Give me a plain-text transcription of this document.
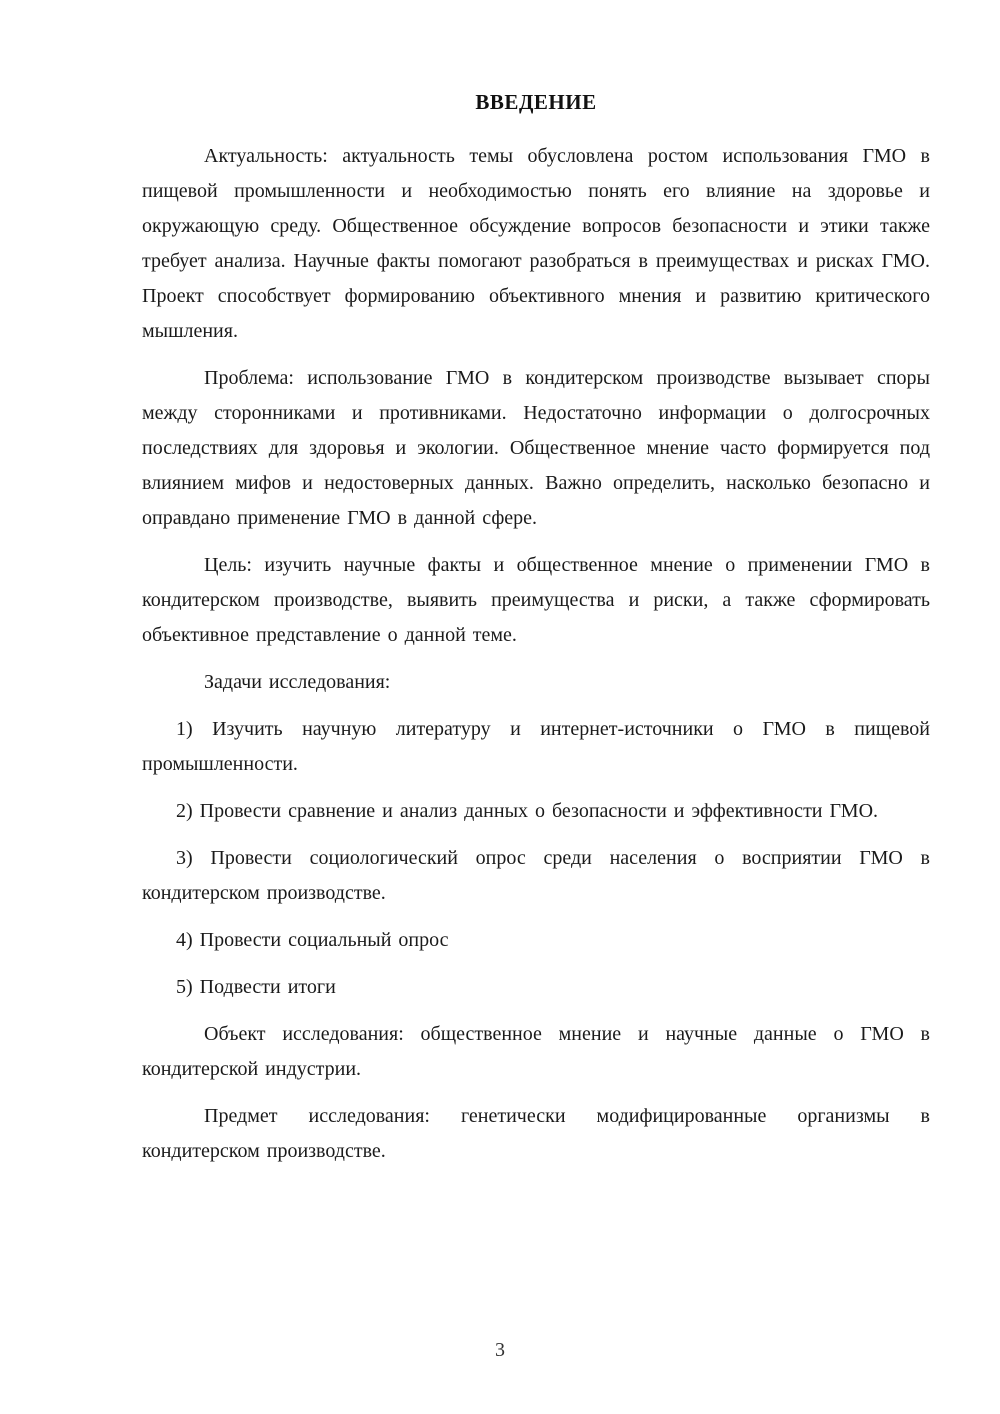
ВВЕДЕНИЕ

Актуальность: актуальность темы обусловлена ростом использования ГМО в пищевой промышленности и необходимостью понять его влияние на здоровье и окружающую среду. Общественное обсуждение вопросов безопасности и этики также требует анализа. Научные факты помогают разобраться в преимуществах и рисках ГМО. Проект способствует формированию объективного мнения и развитию критического мышления.

Проблема: использование ГМО в кондитерском производстве вызывает споры между сторонниками и противниками. Недостаточно информации о долгосрочных последствиях для здоровья и экологии. Общественное мнение часто формируется под влиянием мифов и недостоверных данных. Важно определить, насколько безопасно и оправдано применение ГМО в данной сфере.

Цель: изучить научные факты и общественное мнение о применении ГМО в кондитерском производстве, выявить преимущества и риски, а также сформировать объективное представление о данной теме.

Задачи исследования:

1) Изучить научную литературу и интернет-источники о ГМО в пищевой промышленности.

2) Провести сравнение и анализ данных о безопасности и эффективности ГМО.

3) Провести социологический опрос среди населения о восприятии ГМО в кондитерском производстве.

4) Провести социальный опрос

5) Подвести итоги

Объект исследования: общественное мнение и научные данные о ГМО в кондитерской индустрии.

Предмет исследования: генетически модифицированные организмы в кондитерском производстве.

3
